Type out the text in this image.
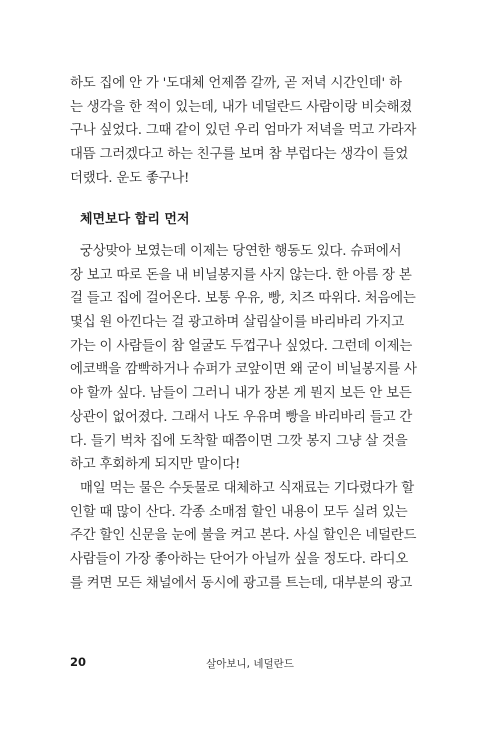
하도 집에 안 가 '도대체 언제쯤 갈까, 곧 저녁 시간인데' 하
는 생각을 한 적이 있는데, 내가 네덜란드 사람이랑 비슷해졌
구나 싶었다. 그때 같이 있던 우리 엄마가 저녁을 먹고 가라자
대뜸 그러겠다고 하는 친구를 보며 참 부럽다는 생각이 들었
더랬다. 운도 좋구나!
체면보다 합리 먼저
궁상맞아 보였는데 이제는 당연한 행동도 있다. 슈퍼에서
장 보고 따로 돈을 내 비닐봉지를 사지 않는다. 한 아름 장 본
걸 들고 집에 걸어온다. 보통 우유, 빵, 치즈 따위다. 처음에는
몇십 원 아낀다는 걸 광고하며 살림살이를 바리바리 가지고
가는 이 사람들이 참 얼굴도 두껍구나 싶었다. 그런데 이제는
에코백을 깜빡하거나 슈퍼가 코앞이면 왜 굳이 비닐봉지를 사
야 할까 싶다. 남들이 그러니 내가 장본 게 뭔지 보든 안 보든
상관이 없어졌다. 그래서 나도 우유며 빵을 바리바리 들고 간
다. 들기 벅차 집에 도착할 때쯤이면 그깟 봉지 그냥 살 것을
하고 후회하게 되지만 말이다!
매일 먹는 물은 수돗물로 대체하고 식재료는 기다렸다가 할
인할 때 많이 산다. 각종 소매점 할인 내용이 모두 실려 있는
주간 할인 신문을 눈에 불을 켜고 본다. 사실 할인은 네덜란드
사람들이 가장 좋아하는 단어가 아닐까 싶을 정도다. 라디오
를 켜면 모든 채널에서 동시에 광고를 트는데, 대부분의 광고
20	살아보니, 네덜란드
